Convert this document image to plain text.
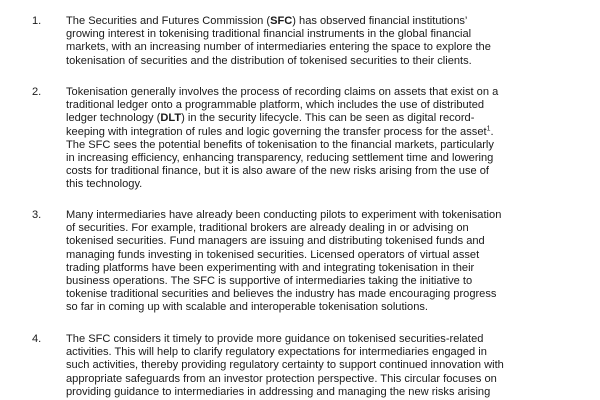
1.	The Securities and Futures Commission (SFC) has observed financial institutions’
growing interest in tokenising traditional financial instruments in the global financial
markets, with an increasing number of intermediaries entering the space to explore the
tokenisation of securities and the distribution of tokenised securities to their clients.
2.	Tokenisation generally involves the process of recording claims on assets that exist on a
traditional ledger onto a programmable platform, which includes the use of distributed
ledger technology (DLT) in the security lifecycle. This can be seen as digital record-
keeping with integration of rules and logic governing the transfer process for the asset$^1$.
The SFC sees the potential benefits of tokenisation to the financial markets, particularly
in increasing efficiency, enhancing transparency, reducing settlement time and lowering
costs for traditional finance, but it is also aware of the new risks arising from the use of
this technology.
3.	Many intermediaries have already been conducting pilots to experiment with tokenisation
of securities. For example, traditional brokers are already dealing in or advising on
tokenised securities. Fund managers are issuing and distributing tokenised funds and
managing funds investing in tokenised securities. Licensed operators of virtual asset
trading platforms have been experimenting with and integrating tokenisation in their
business operations. The SFC is supportive of intermediaries taking the initiative to
tokenise traditional securities and believes the industry has made encouraging progress
so far in coming up with scalable and interoperable tokenisation solutions.
4.	The SFC considers it timely to provide more guidance on tokenised securities-related
activities. This will help to clarify regulatory expectations for intermediaries engaged in
such activities, thereby providing regulatory certainty to support continued innovation with
appropriate safeguards from an investor protection perspective. This circular focuses on
providing guidance to intermediaries in addressing and managing the new risks arising
